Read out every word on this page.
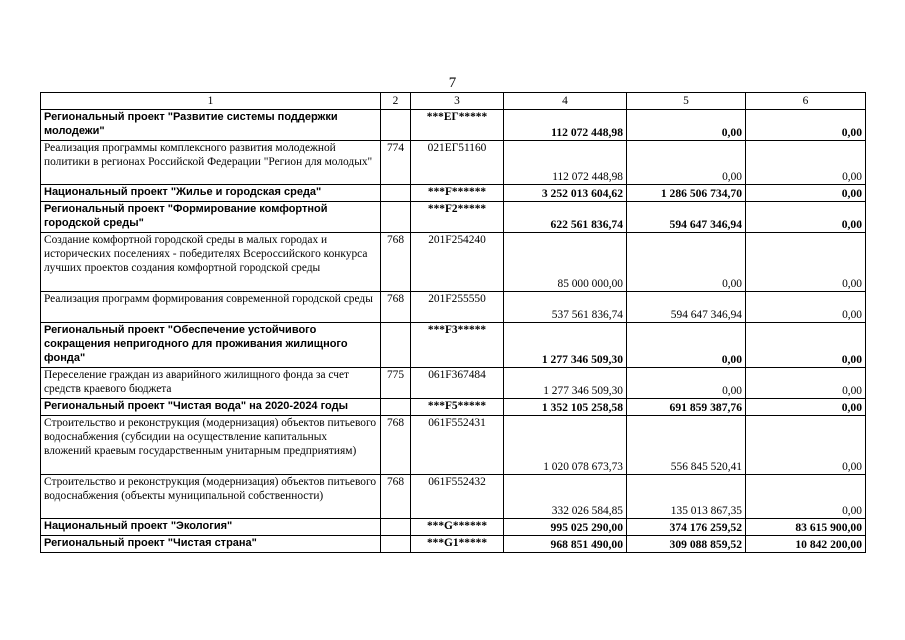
7
1	2	3	4	5	6
Региональный проект "Развитие системы поддержки молодежи"		***ЕГ*****	112 072 448,98	0,00	0,00
Реализация программы комплексного развития молодежной политики в регионах Российской Федерации "Регион для молодых"	774	021ЕГ51160	112 072 448,98	0,00	0,00
Национальный проект "Жилье и городская среда"		***F******	3 252 013 604,62	1 286 506 734,70	0,00
Региональный проект "Формирование комфортной городской среды"		***F2*****	622 561 836,74	594 647 346,94	0,00
Создание комфортной городской среды в малых городах и исторических поселениях - победителях Всероссийского конкурса лучших проектов создания комфортной городской среды	768	201F254240	85 000 000,00	0,00	0,00
Реализация программ формирования современной городской среды	768	201F255550	537 561 836,74	594 647 346,94	0,00
Региональный проект "Обеспечение устойчивого сокращения непригодного для проживания жилищного фонда"		***F3*****	1 277 346 509,30	0,00	0,00
Переселение граждан из аварийного жилищного фонда за счет средств краевого бюджета	775	061F367484	1 277 346 509,30	0,00	0,00
Региональный проект "Чистая вода" на 2020-2024 годы		***F5*****	1 352 105 258,58	691 859 387,76	0,00
Строительство и реконструкция (модернизация) объектов питьевого водоснабжения (субсидии на осуществление капитальных вложений краевым государственным унитарным предприятиям)	768	061F552431	1 020 078 673,73	556 845 520,41	0,00
Строительство и реконструкция (модернизация) объектов питьевого водоснабжения (объекты муниципальной собственности)	768	061F552432	332 026 584,85	135 013 867,35	0,00
Национальный проект "Экология"		***G******	995 025 290,00	374 176 259,52	83 615 900,00
Региональный проект "Чистая страна"		***G1*****	968 851 490,00	309 088 859,52	10 842 200,00
